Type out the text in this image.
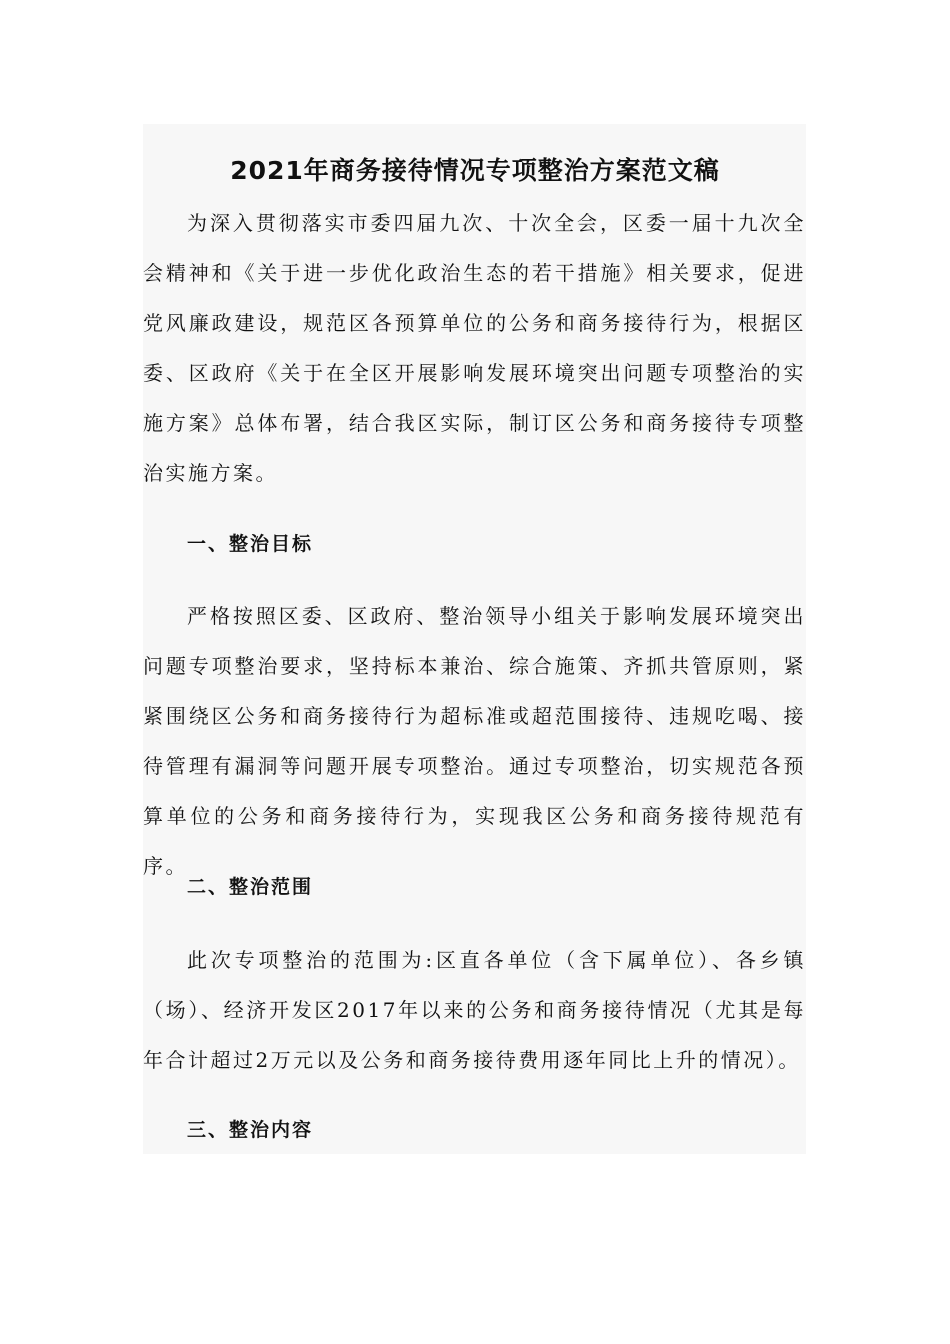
2021年商务接待情况专项整治方案范文稿

为深入贯彻落实市委四届九次、十次全会，区委一届十九次全会精神和《关于进一步优化政治生态的若干措施》相关要求，促进党风廉政建设，规范区各预算单位的公务和商务接待行为，根据区委、区政府《关于在全区开展影响发展环境突出问题专项整治的实施方案》总体布署，结合我区实际，制订区公务和商务接待专项整治实施方案。

一、整治目标

严格按照区委、区政府、整治领导小组关于影响发展环境突出问题专项整治要求，坚持标本兼治、综合施策、齐抓共管原则，紧紧围绕区公务和商务接待行为超标准或超范围接待、违规吃喝、接待管理有漏洞等问题开展专项整治。通过专项整治，切实规范各预算单位的公务和商务接待行为，实现我区公务和商务接待规范有序。

二、整治范围

此次专项整治的范围为:区直各单位（含下属单位）、各乡镇（场）、经济开发区2017年以来的公务和商务接待情况（尤其是每年合计超过2万元以及公务和商务接待费用逐年同比上升的情况）。

三、整治内容
